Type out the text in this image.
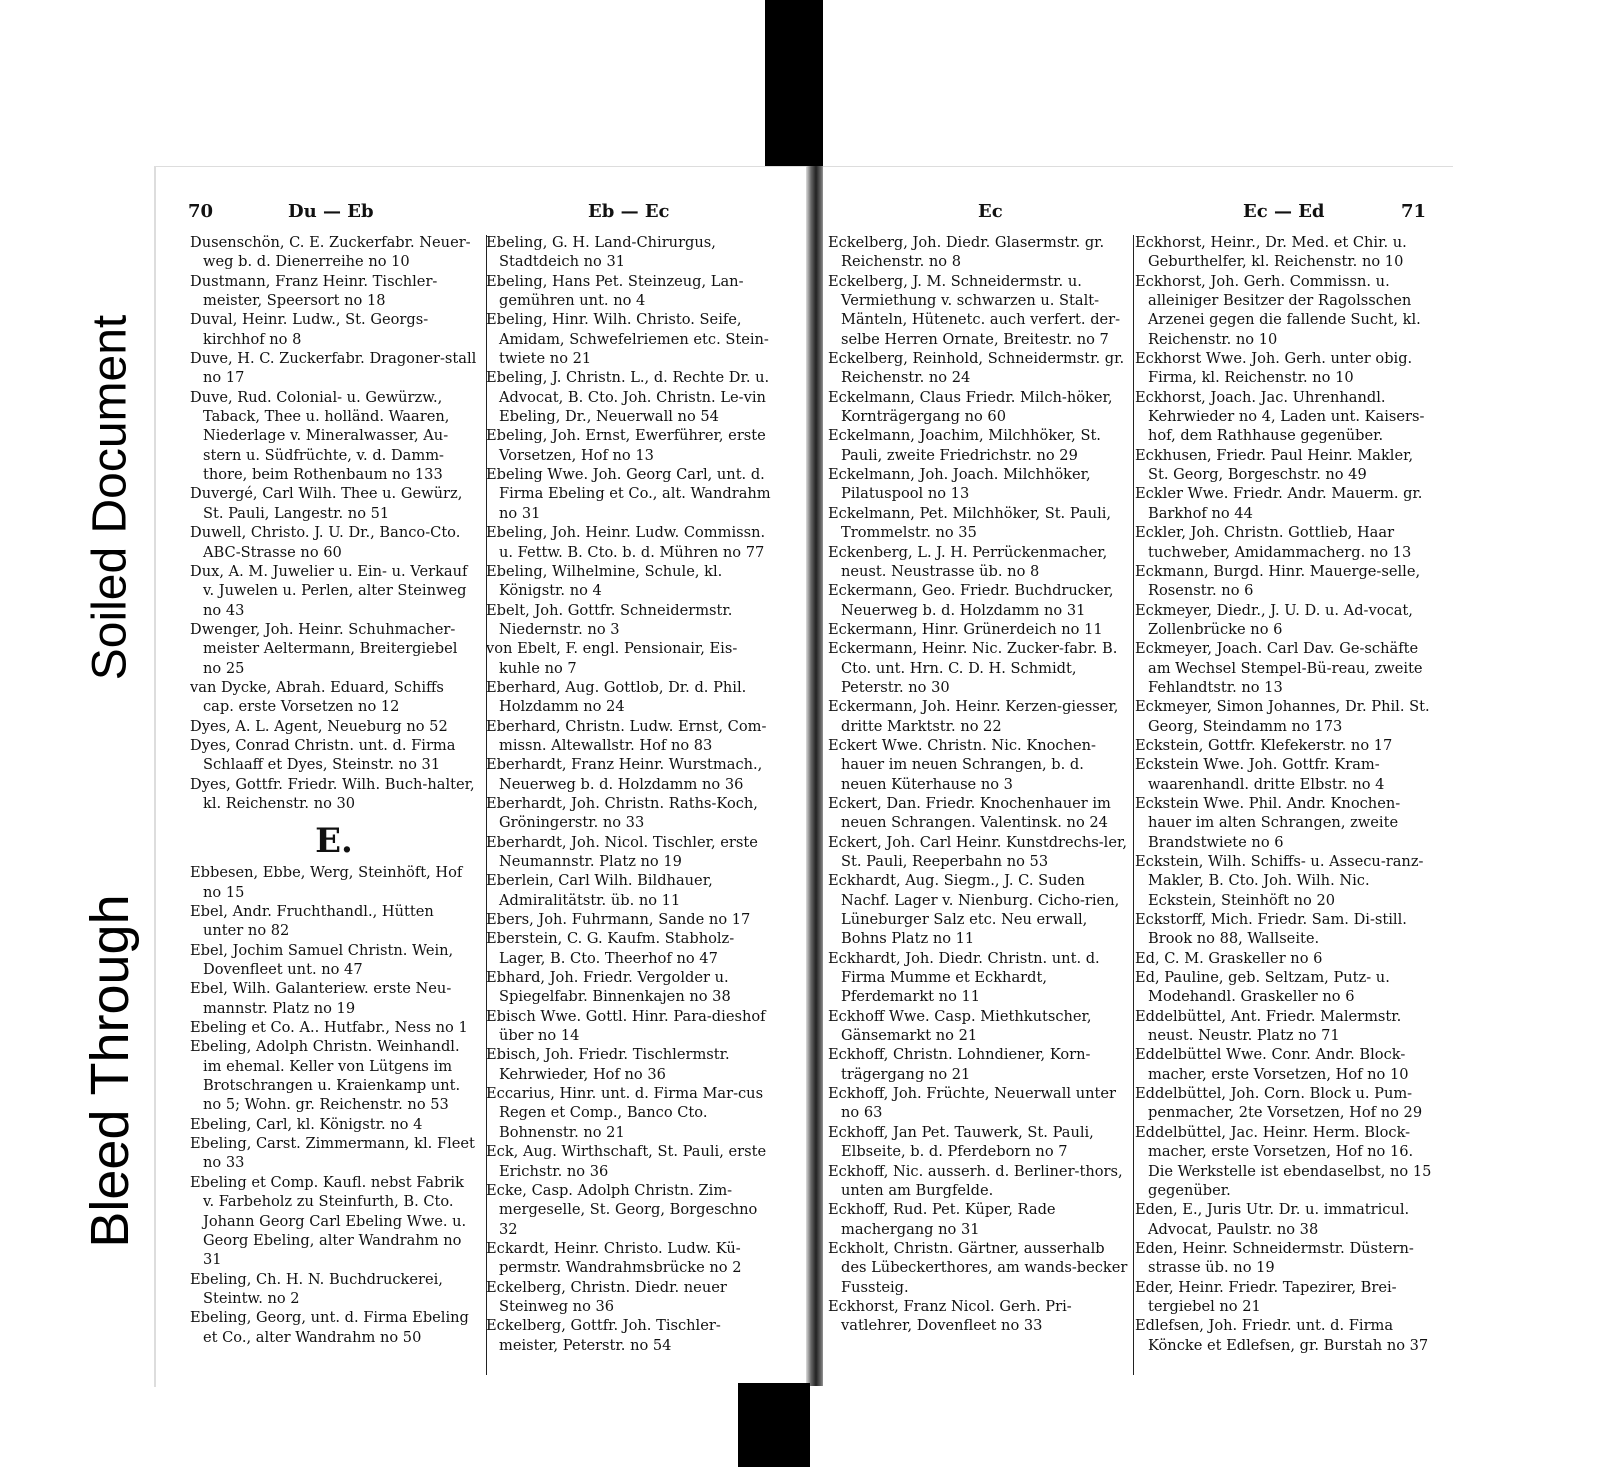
Soiled Document
Bleed Through
70	Du — Eb	Eb — Ec

Dusenschön, C. E. Zuckerfabr. Neuer-weg b. d. Dienerreihe no 10

Dustmann, Franz Heinr. Tischler-meister, Speersort no 18

Duval, Heinr. Ludw., St. Georgs-kirchhof no 8

Duve, H. C. Zuckerfabr. Dragoner-stall no 17

Duve, Rud. Colonial- u. Gewürzw., Taback, Thee u. holländ. Waaren, Niederlage v. Mineralwasser, Au-stern u. Südfrüchte, v. d. Damm-thore, beim Rothenbaum no 133

Duvergé, Carl Wilh. Thee u. Gewürz, St. Pauli, Langestr. no 51

Duwell, Christo. J. U. Dr., Banco-Cto. ABC-Strasse no 60

Dux, A. M. Juwelier u. Ein- u. Verkauf v. Juwelen u. Perlen, alter Steinweg no 43

Dwenger, Joh. Heinr. Schuhmacher-meister Aeltermann, Breitergiebel no 25

van Dycke, Abrah. Eduard, Schiffs cap. erste Vorsetzen no 12

Dyes, A. L. Agent, Neueburg no 52

Dyes, Conrad Christn. unt. d. Firma Schlaaff et Dyes, Steinstr. no 31

Dyes, Gottfr. Friedr. Wilh. Buch-halter, kl. Reichenstr. no 30

E.

Ebbesen, Ebbe, Werg, Steinhöft, Hof no 15

Ebel, Andr. Fruchthandl., Hütten unter no 82

Ebel, Jochim Samuel Christn. Wein, Dovenfleet unt. no 47

Ebel, Wilh. Galanteriew. erste Neu-mannstr. Platz no 19

Ebeling et Co. A.. Hutfabr., Ness no 1

Ebeling, Adolph Christn. Weinhandl. im ehemal. Keller von Lütgens im Brotschrangen u. Kraienkamp unt. no 5; Wohn. gr. Reichenstr. no 53

Ebeling, Carl, kl. Königstr. no 4

Ebeling, Carst. Zimmermann, kl. Fleet no 33

Ebeling et Comp. Kaufl. nebst Fabrik v. Farbeholz zu Steinfurth, B. Cto. Johann Georg Carl Ebeling Wwe. u. Georg Ebeling, alter Wandrahm no 31

Ebeling, Ch. H. N. Buchdruckerei, Steintw. no 2

Ebeling, Georg, unt. d. Firma Ebeling et Co., alter Wandrahm no 50

Ebeling, G. H. Land-Chirurgus, Stadtdeich no 31

Ebeling, Hans Pet. Steinzeug, Lan-gemühren unt. no 4

Ebeling, Hinr. Wilh. Christo. Seife, Amidam, Schwefelriemen etc. Stein-twiete no 21

Ebeling, J. Christn. L., d. Rechte Dr. u. Advocat, B. Cto. Joh. Christn. Le-vin Ebeling, Dr., Neuerwall no 54

Ebeling, Joh. Ernst, Ewerführer, erste Vorsetzen, Hof no 13

Ebeling Wwe. Joh. Georg Carl, unt. d. Firma Ebeling et Co., alt. Wandrahm no 31

Ebeling, Joh. Heinr. Ludw. Commissn. u. Fettw. B. Cto. b. d. Mühren no 77

Ebeling, Wilhelmine, Schule, kl. Königstr. no 4

Ebelt, Joh. Gottfr. Schneidermstr. Niedernstr. no 3

von Ebelt, F. engl. Pensionair, Eis-kuhle no 7

Eberhard, Aug. Gottlob, Dr. d. Phil. Holzdamm no 24

Eberhard, Christn. Ludw. Ernst, Com-missn. Altewallstr. Hof no 83

Eberhardt, Franz Heinr. Wurstmach., Neuerweg b. d. Holzdamm no 36

Eberhardt, Joh. Christn. Raths-Koch, Gröningerstr. no 33

Eberhardt, Joh. Nicol. Tischler, erste Neumannstr. Platz no 19

Eberlein, Carl Wilh. Bildhauer, Admiralitätstr. üb. no 11

Ebers, Joh. Fuhrmann, Sande no 17

Eberstein, C. G. Kaufm. Stabholz-Lager, B. Cto. Theerhof no 47

Ebhard, Joh. Friedr. Vergolder u. Spiegelfabr. Binnenkajen no 38

Ebisch Wwe. Gottl. Hinr. Para-dieshof über no 14

Ebisch, Joh. Friedr. Tischlermstr. Kehrwieder, Hof no 36

Eccarius, Hinr. unt. d. Firma Mar-cus Regen et Comp., Banco Cto. Bohnenstr. no 21

Eck, Aug. Wirthschaft, St. Pauli, erste Erichstr. no 36

Ecke, Casp. Adolph Christn. Zim-mergeselle, St. Georg, Borgeschno 32

Eckardt, Heinr. Christo. Ludw. Kü-permstr. Wandrahmsbrücke no 2

Eckelberg, Christn. Diedr. neuer Steinweg no 36

Eckelberg, Gottfr. Joh. Tischler-meister, Peterstr. no 54

Ec	Ec — Ed	71

Eckelberg, Joh. Diedr. Glasermstr. gr. Reichenstr. no 8

Eckelberg, J. M. Schneidermstr. u. Vermiethung v. schwarzen u. Stalt-Mänteln, Hütenetc. auch verfert. der-selbe Herren Ornate, Breitestr. no 7

Eckelberg, Reinhold, Schneidermstr. gr. Reichenstr. no 24

Eckelmann, Claus Friedr. Milch-höker, Kornträgergang no 60

Eckelmann, Joachim, Milchhöker, St. Pauli, zweite Friedrichstr. no 29

Eckelmann, Joh. Joach. Milchhöker, Pilatuspool no 13

Eckelmann, Pet. Milchhöker, St. Pauli, Trommelstr. no 35

Eckenberg, L. J. H. Perrückenmacher, neust. Neustrasse üb. no 8

Eckermann, Geo. Friedr. Buchdrucker, Neuerweg b. d. Holzdamm no 31

Eckermann, Hinr. Grünerdeich no 11

Eckermann, Heinr. Nic. Zucker-fabr. B. Cto. unt. Hrn. C. D. H. Schmidt, Peterstr. no 30

Eckermann, Joh. Heinr. Kerzen-giesser, dritte Marktstr. no 22

Eckert Wwe. Christn. Nic. Knochen-hauer im neuen Schrangen, b. d. neuen Küterhause no 3

Eckert, Dan. Friedr. Knochenhauer im neuen Schrangen. Valentinsk. no 24

Eckert, Joh. Carl Heinr. Kunstdrechs-ler, St. Pauli, Reeperbahn no 53

Eckhardt, Aug. Siegm., J. C. Suden Nachf. Lager v. Nienburg. Cicho-rien, Lüneburger Salz etc. Neu erwall, Bohns Platz no 11

Eckhardt, Joh. Diedr. Christn. unt. d. Firma Mumme et Eckhardt, Pferdemarkt no 11

Eckhoff Wwe. Casp. Miethkutscher, Gänsemarkt no 21

Eckhoff, Christn. Lohndiener, Korn-trägergang no 21

Eckhoff, Joh. Früchte, Neuerwall unter no 63

Eckhoff, Jan Pet. Tauwerk, St. Pauli, Elbseite, b. d. Pferdeborn no 7

Eckhoff, Nic. ausserh. d. Berliner-thors, unten am Burgfelde.

Eckhoff, Rud. Pet. Küper, Rade machergang no 31

Eckholt, Christn. Gärtner, ausserhalb des Lübeckerthores, am wands-becker Fussteig.

Eckhorst, Franz Nicol. Gerh. Pri-vatlehrer, Dovenfleet no 33

Eckhorst, Heinr., Dr. Med. et Chir. u. Geburthelfer, kl. Reichenstr. no 10

Eckhorst, Joh. Gerh. Commissn. u. alleiniger Besitzer der Ragolsschen Arzenei gegen die fallende Sucht, kl. Reichenstr. no 10

Eckhorst Wwe. Joh. Gerh. unter obig. Firma, kl. Reichenstr. no 10

Eckhorst, Joach. Jac. Uhrenhandl. Kehrwieder no 4, Laden unt. Kaisers-hof, dem Rathhause gegenüber.

Eckhusen, Friedr. Paul Heinr. Makler, St. Georg, Borgeschstr. no 49

Eckler Wwe. Friedr. Andr. Mauerm. gr. Barkhof no 44

Eckler, Joh. Christn. Gottlieb, Haar tuchweber, Amidammacherg. no 13

Eckmann, Burgd. Hinr. Mauerge-selle, Rosenstr. no 6

Eckmeyer, Diedr., J. U. D. u. Ad-vocat, Zollenbrücke no 6

Eckmeyer, Joach. Carl Dav. Ge-schäfte am Wechsel Stempel-Bü-reau, zweite Fehlandtstr. no 13

Eckmeyer, Simon Johannes, Dr. Phil. St. Georg, Steindamm no 173

Eckstein, Gottfr. Klefekerstr. no 17

Eckstein Wwe. Joh. Gottfr. Kram-waarenhandl. dritte Elbstr. no 4

Eckstein Wwe. Phil. Andr. Knochen-hauer im alten Schrangen, zweite Brandstwiete no 6

Eckstein, Wilh. Schiffs- u. Assecu-ranz-Makler, B. Cto. Joh. Wilh. Nic. Eckstein, Steinhöft no 20

Eckstorff, Mich. Friedr. Sam. Di-still. Brook no 88, Wallseite.

Ed, C. M. Graskeller no 6

Ed, Pauline, geb. Seltzam, Putz- u. Modehandl. Graskeller no 6

Eddelbüttel, Ant. Friedr. Malermstr. neust. Neustr. Platz no 71

Eddelbüttel Wwe. Conr. Andr. Block-macher, erste Vorsetzen, Hof no 10

Eddelbüttel, Joh. Corn. Block u. Pum-penmacher, 2te Vorsetzen, Hof no 29

Eddelbüttel, Jac. Heinr. Herm. Block-macher, erste Vorsetzen, Hof no 16. Die Werkstelle ist ebendaselbst, no 15 gegenüber.

Eden, E., Juris Utr. Dr. u. immatricul. Advocat, Paulstr. no 38

Eden, Heinr. Schneidermstr. Düstern-strasse üb. no 19

Eder, Heinr. Friedr. Tapezirer, Brei-tergiebel no 21

Edlefsen, Joh. Friedr. unt. d. Firma Köncke et Edlefsen, gr. Burstah no 37
